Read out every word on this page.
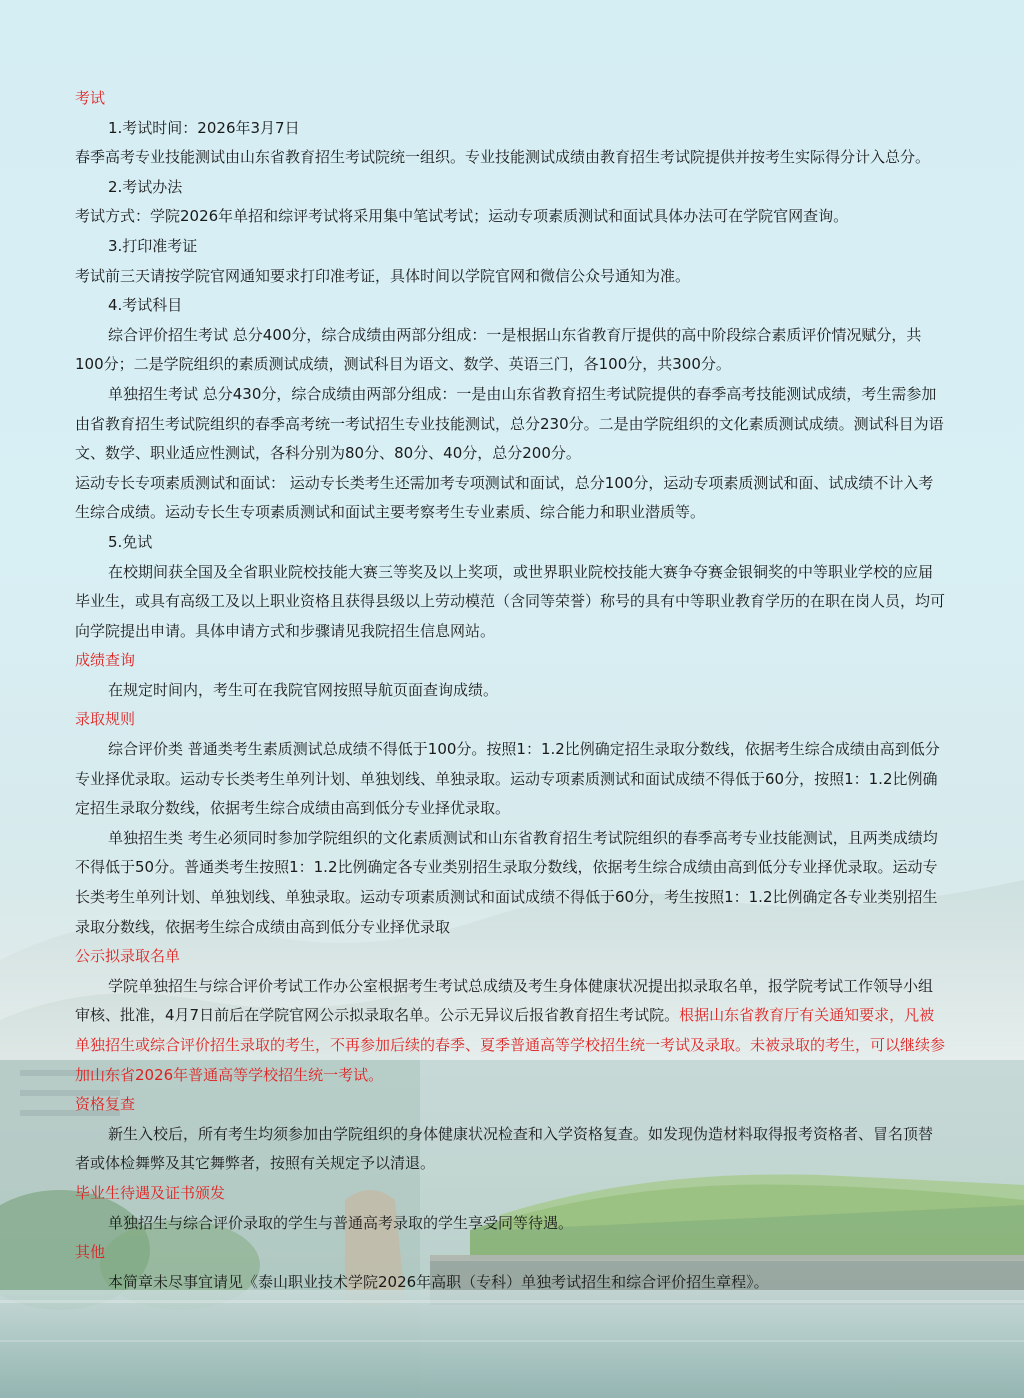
考试

1.考试时间：2026年3月7日

春季高考专业技能测试由山东省教育招生考试院统一组织。专业技能测试成绩由教育招生考试院提供并按考生实际得分计入总分。

2.考试办法

考试方式：学院2026年单招和综评考试将采用集中笔试考试；运动专项素质测试和面试具体办法可在学院官网查询。

3.打印准考证

考试前三天请按学院官网通知要求打印准考证，具体时间以学院官网和微信公众号通知为准。

4.考试科目

综合评价招生考试 总分400分，综合成绩由两部分组成：一是根据山东省教育厅提供的高中阶段综合素质评价情况赋分，共100分；二是学院组织的素质测试成绩，测试科目为语文、数学、英语三门，各100分，共300分。

单独招生考试 总分430分，综合成绩由两部分组成：一是由山东省教育招生考试院提供的春季高考技能测试成绩，考生需参加由省教育招生考试院组织的春季高考统一考试招生专业技能测试，总分230分。二是由学院组织的文化素质测试成绩。测试科目为语文、数学、职业适应性测试，各科分别为80分、80分、40分，总分200分。

运动专长专项素质测试和面试： 运动专长类考生还需加考专项测试和面试，总分100分，运动专项素质测试和面、试成绩不计入考生综合成绩。运动专长生专项素质测试和面试主要考察考生专业素质、综合能力和职业潜质等。

5.免试

在校期间获全国及全省职业院校技能大赛三等奖及以上奖项，或世界职业院校技能大赛争夺赛金银铜奖的中等职业学校的应届毕业生，或具有高级工及以上职业资格且获得县级以上劳动模范（含同等荣誉）称号的具有中等职业教育学历的在职在岗人员，均可向学院提出申请。具体申请方式和步骤请见我院招生信息网站。

成绩查询

在规定时间内，考生可在我院官网按照导航页面查询成绩。

录取规则

综合评价类 普通类考生素质测试总成绩不得低于100分。按照1：1.2比例确定招生录取分数线，依据考生综合成绩由高到低分专业择优录取。运动专长类考生单列计划、单独划线、单独录取。运动专项素质测试和面试成绩不得低于60分，按照1：1.2比例确定招生录取分数线，依据考生综合成绩由高到低分专业择优录取。

单独招生类 考生必须同时参加学院组织的文化素质测试和山东省教育招生考试院组织的春季高考专业技能测试，且两类成绩均不得低于50分。普通类考生按照1：1.2比例确定各专业类别招生录取分数线，依据考生综合成绩由高到低分专业择优录取。运动专长类考生单列计划、单独划线、单独录取。运动专项素质测试和面试成绩不得低于60分，考生按照1：1.2比例确定各专业类别招生录取分数线，依据考生综合成绩由高到低分专业择优录取

公示拟录取名单

学院单独招生与综合评价考试工作办公室根据考生考试总成绩及考生身体健康状况提出拟录取名单，报学院考试工作领导小组审核、批准，4月7日前后在学院官网公示拟录取名单。公示无异议后报省教育招生考试院。根据山东省教育厅有关通知要求，凡被单独招生或综合评价招生录取的考生，不再参加后续的春季、夏季普通高等学校招生统一考试及录取。未被录取的考生，可以继续参加山东省2026年普通高等学校招生统一考试。

资格复查

新生入校后，所有考生均须参加由学院组织的身体健康状况检查和入学资格复查。如发现伪造材料取得报考资格者、冒名顶替者或体检舞弊及其它舞弊者，按照有关规定予以清退。

毕业生待遇及证书颁发

单独招生与综合评价录取的学生与普通高考录取的学生享受同等待遇。

其他

本简章未尽事宜请见《泰山职业技术学院2026年高职（专科）单独考试招生和综合评价招生章程》。
